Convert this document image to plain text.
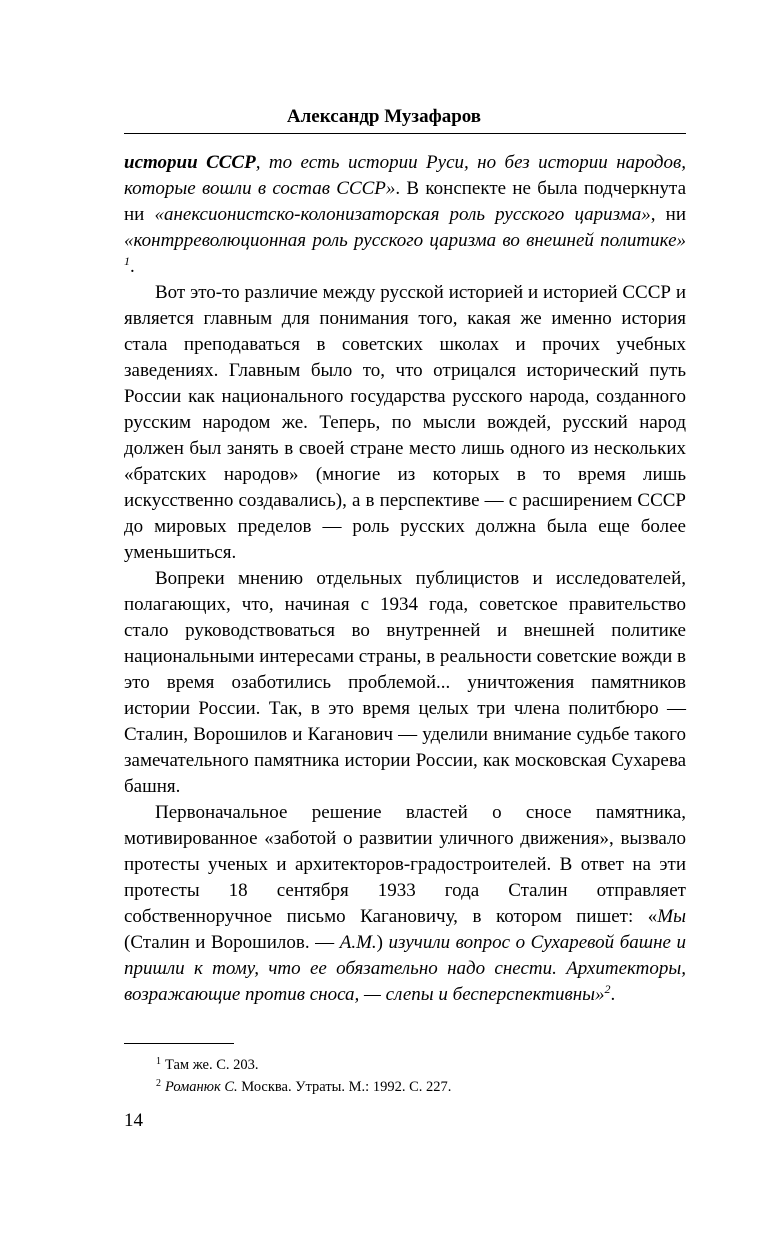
Александр Музафаров

истории СССР, то есть истории Руси, но без истории народов, которые вошли в состав СССР». В конспекте не была подчеркнута ни «анексионистско-колонизаторская роль русского царизма», ни «контрреволюционная роль русского царизма во внешней политике» $^1$.

Вот это-то различие между русской историей и историей СССР и является главным для понимания того, какая же именно история стала преподаваться в советских школах и прочих учебных заведениях. Главным было то, что отрицался исторический путь России как национального государства русского народа, созданного русским народом же. Теперь, по мысли вождей, русский народ должен был занять в своей стране место лишь одного из нескольких «братских народов» (многие из которых в то время лишь искусственно создавались), а в перспективе — с расширением СССР до мировых пределов — роль русских должна была еще более уменьшиться.

Вопреки мнению отдельных публицистов и исследователей, полагающих, что, начиная с 1934 года, советское правительство стало руководствоваться во внутренней и внешней политике национальными интересами страны, в реальности советские вожди в это время озаботились проблемой... уничтожения памятников истории России. Так, в это время целых три члена политбюро — Сталин, Ворошилов и Каганович — уделили внимание судьбе такого замечательного памятника истории России, как московская Сухарева башня.

Первоначальное решение властей о сносе памятника, мотивированное «заботой о развитии уличного движения», вызвало протесты ученых и архитекторов-градостроителей. В ответ на эти протесты 18 сентября 1933 года Сталин отправляет собственноручное письмо Кагановичу, в котором пишет: «Мы (Сталин и Ворошилов. — А.М.) изучили вопрос о Сухаревой башне и пришли к тому, что ее обязательно надо снести. Архитекторы, возражающие против сноса, — слепы и бесперспективны»$^2$.

$^1$ Там же. С. 203.
$^2$ Романюк С. Москва. Утраты. М.: 1992. С. 227.
14
